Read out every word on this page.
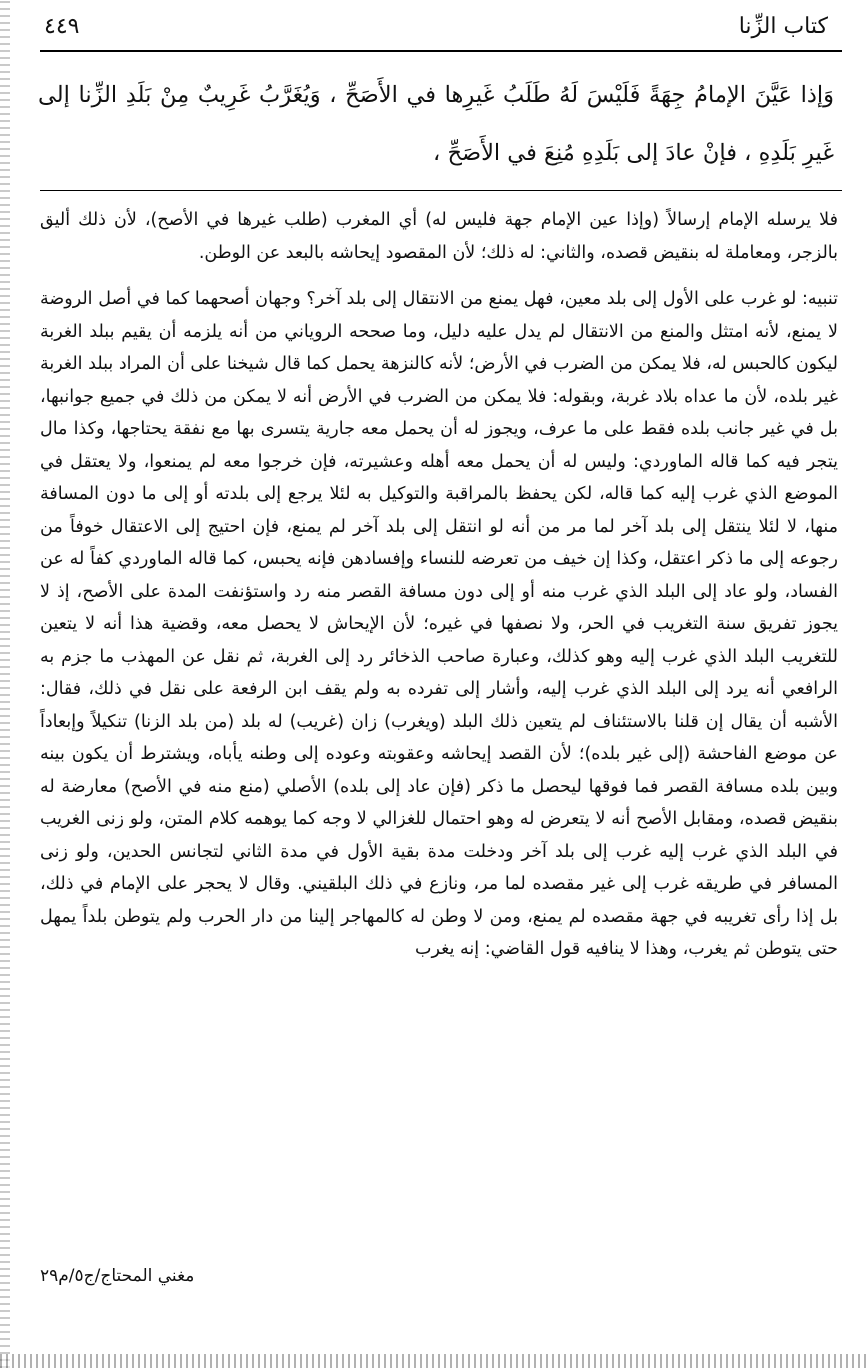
كتاب الزِّنا
٤٤٩

وَإذا عَيَّنَ الإمامُ جِهَةً فَلَيْسَ لَهُ طَلَبُ غَيرِها في الأَصَحِّ ، وَيُغَرَّبُ غَرِيبٌ مِنْ بَلَدِ الزِّنا إلى غَيرِ بَلَدِهِ ، فإنْ عادَ إلى بَلَدِهِ مُنِعَ في الأَصَحِّ ،

فلا يرسله الإمام إرسالاً (وإذا عين الإمام جهة فليس له) أي المغرب (طلب غيرها في الأصح)، لأن ذلك أليق بالزجر، ومعاملة له بنقيض قصده، والثاني: له ذلك؛ لأن المقصود إيحاشه بالبعد عن الوطن.

تنبيه: لو غرب على الأول إلى بلد معين، فهل يمنع من الانتقال إلى بلد آخر؟ وجهان أصحهما كما في أصل الروضة لا يمنع، لأنه امتثل والمنع من الانتقال لم يدل عليه دليل، وما صححه الروياني من أنه يلزمه أن يقيم ببلد الغربة ليكون كالحبس له، فلا يمكن من الضرب في الأرض؛ لأنه كالنزهة يحمل كما قال شيخنا على أن المراد ببلد الغربة غير بلده، لأن ما عداه بلاد غربة، وبقوله: فلا يمكن من الضرب في الأرض أنه لا يمكن من ذلك في جميع جوانبها، بل في غير جانب بلده فقط على ما عرف، ويجوز له أن يحمل معه جارية يتسرى بها مع نفقة يحتاجها، وكذا مال يتجر فيه كما قاله الماوردي: وليس له أن يحمل معه أهله وعشيرته، فإن خرجوا معه لم يمنعوا، ولا يعتقل في الموضع الذي غرب إليه كما قاله، لكن يحفظ بالمراقبة والتوكيل به لئلا يرجع إلى بلدته أو إلى ما دون المسافة منها، لا لئلا ينتقل إلى بلد آخر لما مر من أنه لو انتقل إلى بلد آخر لم يمنع، فإن احتيج إلى الاعتقال خوفاً من رجوعه إلى ما ذكر اعتقل، وكذا إن خيف من تعرضه للنساء وإفسادهن فإنه يحبس، كما قاله الماوردي كفاً له عن الفساد، ولو عاد إلى البلد الذي غرب منه أو إلى دون مسافة القصر منه رد واستؤنفت المدة على الأصح، إذ لا يجوز تفريق سنة التغريب في الحر، ولا نصفها في غيره؛ لأن الإيحاش لا يحصل معه، وقضية هذا أنه لا يتعين للتغريب البلد الذي غرب إليه وهو كذلك، وعبارة صاحب الذخائر رد إلى الغربة، ثم نقل عن المهذب ما جزم به الرافعي أنه يرد إلى البلد الذي غرب إليه، وأشار إلى تفرده به ولم يقف ابن الرفعة على نقل في ذلك، فقال: الأشبه أن يقال إن قلنا بالاستئناف لم يتعين ذلك البلد (ويغرب) زان (غريب) له بلد (من بلد الزنا) تنكيلاً وإبعاداً عن موضع الفاحشة (إلى غير بلده)؛ لأن القصد إيحاشه وعقوبته وعوده إلى وطنه يأباه، ويشترط أن يكون بينه وبين بلده مسافة القصر فما فوقها ليحصل ما ذكر (فإن عاد إلى بلده) الأصلي (منع منه في الأصح) معارضة له بنقيض قصده، ومقابل الأصح أنه لا يتعرض له وهو احتمال للغزالي لا وجه كما يوهمه كلام المتن، ولو زنى الغريب في البلد الذي غرب إليه غرب إلى بلد آخر ودخلت مدة بقية الأول في مدة الثاني لتجانس الحدين، ولو زنى المسافر في طريقه غرب إلى غير مقصده لما مر، ونازع في ذلك البلقيني. وقال لا يحجر على الإمام في ذلك، بل إذا رأى تغريبه في جهة مقصده لم يمنع، ومن لا وطن له كالمهاجر إلينا من دار الحرب ولم يتوطن بلداً يمهل حتى يتوطن ثم يغرب، وهذا لا ينافيه قول القاضي: إنه يغرب

مغني المحتاج/ج٥/م٢٩
